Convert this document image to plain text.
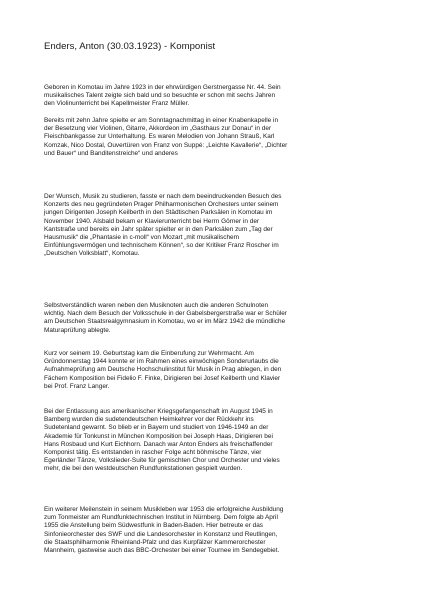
Enders, Anton (30.03.1923) - Komponist
Geboren in Komotau im Jahre 1923 in der ehrwürdigen Gerstnergasse Nr. 44. Sein
musikalisches Talent zeigte sich bald und so besuchte er schon mit sechs Jahren
den Violinunterricht bei Kapellmeister Franz Müller.
Bereits mit zehn Jahre spielte er am Sonntagnachmittag in einer Knabenkapelle in
der Besetzung vier Violinen, Gitarre, Akkordeon im „Gasthaus zur Donau“ in der
Fleischbankgasse zur Unterhaltung. Es waren Melodien von Johann Strauß, Karl
Komzak, Nico Dostal, Ouvertüren von Franz von Suppé: „Leichte Kavallerie“, „Dichter
und Bauer“ und Banditenstreiche“ und anderes
Der Wunsch, Musik zu studieren, fasste er nach dem beeindruckenden Besuch des
Konzerts des neu gegründeten Prager Philharmonischen Orchesters unter seinem
jungen Dirigenten Joseph Keilberth in den Städtischen Parksälen in Komotau im
November 1940. Alsbald bekam er Klavierunterricht bei Herrn Görner in der
Kantstraße und bereits ein Jahr später spielter er in den Parksälen zum „Tag der
Hausmusik“ die „Phantasie in c-moll“ von Mozart „mit musikalischem
Einfühlungsvermögen und technischem Können“, so der Kritiker Franz Roscher im
„Deutschen Volksblatt“, Komotau.
Selbstverständlich waren neben den Musiknoten auch die anderen Schulnoten
wichtig. Nach dem Besuch der Volksschule in der Gabelsbergerstraße war er Schüler
am Deutschen Staatsrealgymnasium in Komotau, wo er im März 1942 die mündliche
Maturaprüfung ablegte.
Kurz vor seinem 19. Geburtstag kam die Einberufung zur Wehrmacht. Am
Gründonnerstag 1944 konnte er im Rahmen eines einwöchigen Sonderurlaubs die
Aufnahmeprüfung am Deutsche Hochschulinstitut für Musik in Prag ablegen, in den
Fächern Komposition bei Fidelio F. Finke, Dirigieren bei Josef Keilberth und Klavier
bei Prof. Franz Langer.
Bei der Entlassung aus amerikanischer Kriegsgefangenschaft im August 1945 in
Bamberg wurden die sudetendeutschen Heimkehrer vor der Rückkehr ins
Sudetenland gewarnt. So blieb er in Bayern und studiert von 1946-1949 an der
Akademie für Tonkunst in München Komposition bei Joseph Haas, Dirigieren bei
Hans Rosbaud und Kurt Eichhorn. Danach war Anton Enders als freischaffender
Komponist tätig. Es entstanden in rascher Folge acht böhmische Tänze, vier
Egerländer Tänze, Volkslieder-Suite für gemischten Chor und Orchester und vieles
mehr, die bei den westdeutschen Rundfunkstationen gespielt wurden.
Ein weiterer Meilenstein in seinem Musikleben war 1953 die erfolgreiche Ausbildung
zum Tonmeister am Rundfunktechnischen Institut in Nürnberg. Dem folgte ab April
1955 die Anstellung beim Südwestfunk in Baden-Baden. Hier betreute er das
Sinfonieorchester des SWF und die Landesorchester in Konstanz und Reutlingen,
die Staatsphilharmonie Rheinland-Pfalz und das Kurpfälzer Kammerorchester
Mannheim, gastweise auch das BBC-Orchester bei einer Tournee im Sendegebiet.
